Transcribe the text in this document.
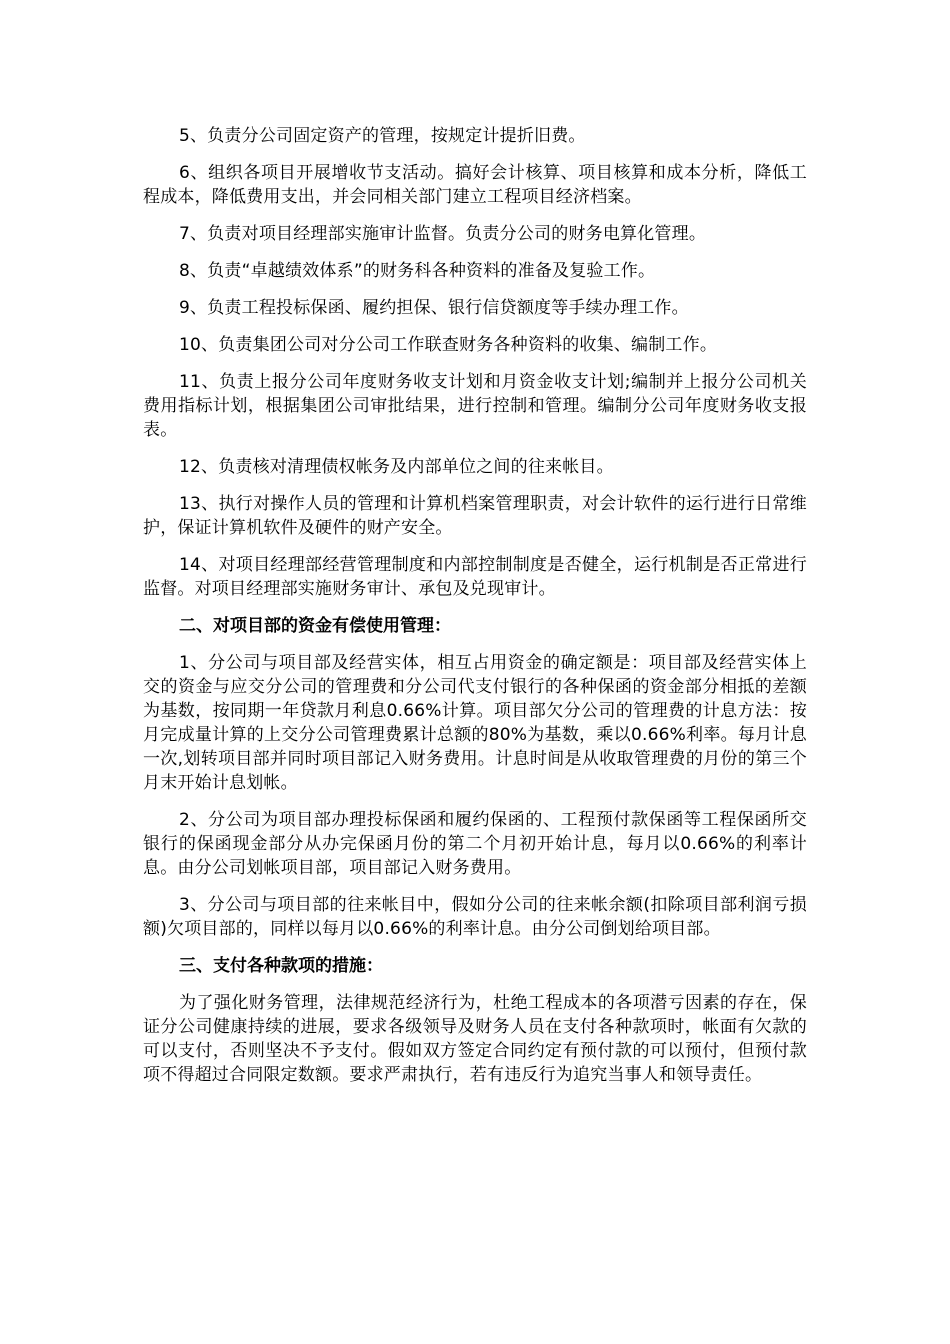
5、负责分公司固定资产的管理，按规定计提折旧费。

6、组织各项目开展增收节支活动。搞好会计核算、项目核算和成本分析，降低工程成本，降低费用支出，并会同相关部门建立工程项目经济档案。

7、负责对项目经理部实施审计监督。负责分公司的财务电算化管理。

8、负责“卓越绩效体系”的财务科各种资料的准备及复验工作。

9、负责工程投标保函、履约担保、银行信贷额度等手续办理工作。

10、负责集团公司对分公司工作联查财务各种资料的收集、编制工作。

11、负责上报分公司年度财务收支计划和月资金收支计划;编制并上报分公司机关费用指标计划，根据集团公司审批结果，进行控制和管理。编制分公司年度财务收支报表。

12、负责核对清理债权帐务及内部单位之间的往来帐目。

13、执行对操作人员的管理和计算机档案管理职责，对会计软件的运行进行日常维护，保证计算机软件及硬件的财产安全。

14、对项目经理部经营管理制度和内部控制制度是否健全，运行机制是否正常进行监督。对项目经理部实施财务审计、承包及兑现审计。

二、对项目部的资金有偿使用管理：

1、分公司与项目部及经营实体，相互占用资金的确定额是：项目部及经营实体上交的资金与应交分公司的管理费和分公司代支付银行的各种保函的资金部分相抵的差额为基数，按同期一年贷款月利息0.66%计算。项目部欠分公司的管理费的计息方法：按月完成量计算的上交分公司管理费累计总额的80%为基数，乘以0.66%利率。每月计息一次,划转项目部并同时项目部记入财务费用。计息时间是从收取管理费的月份的第三个月末开始计息划帐。

2、分公司为项目部办理投标保函和履约保函的、工程预付款保函等工程保函所交银行的保函现金部分从办完保函月份的第二个月初开始计息，每月以0.66%的利率计息。由分公司划帐项目部，项目部记入财务费用。

3、分公司与项目部的往来帐目中，假如分公司的往来帐余额(扣除项目部利润亏损额)欠项目部的，同样以每月以0.66%的利率计息。由分公司倒划给项目部。

三、支付各种款项的措施：

为了强化财务管理，法律规范经济行为，杜绝工程成本的各项潜亏因素的存在，保证分公司健康持续的进展，要求各级领导及财务人员在支付各种款项时，帐面有欠款的可以支付，否则坚决不予支付。假如双方签定合同约定有预付款的可以预付，但预付款项不得超过合同限定数额。要求严肃执行，若有违反行为追究当事人和领导责任。
